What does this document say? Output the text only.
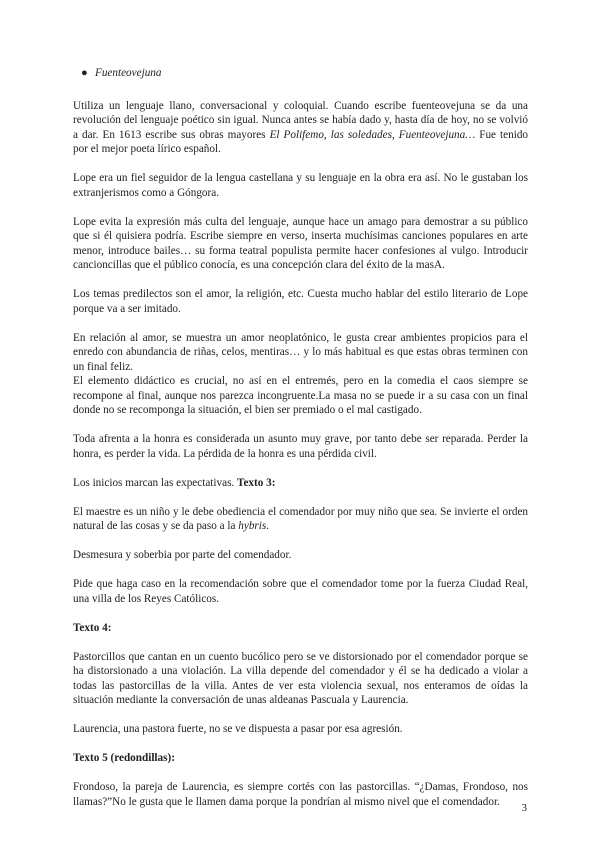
● Fuenteovejuna

Utiliza un lenguaje llano, conversacional y coloquial. Cuando escribe fuenteovejuna se da una revolución del lenguaje poético sin igual. Nunca antes se había dado y, hasta día de hoy, no se volvió a dar. En 1613 escribe sus obras mayores El Polifemo, las soledades, Fuenteovejuna… Fue tenido por el mejor poeta lírico español.

Lope era un fiel seguidor de la lengua castellana y su lenguaje en la obra era así. No le gustaban los extranjerismos como a Góngora.

Lope evita la expresión más culta del lenguaje, aunque hace un amago para demostrar a su público que si él quisiera podría. Escribe siempre en verso, inserta muchísimas canciones populares en arte menor, introduce bailes… su forma teatral populista permite hacer confesiones al vulgo. Introducir cancioncillas que el público conocía, es una concepción clara del éxito de la masA.

Los temas predilectos son el amor, la religión, etc. Cuesta mucho hablar del estilo literario de Lope porque va a ser imitado.

En relación al amor, se muestra un amor neoplatónico, le gusta crear ambientes propicios para el enredo con abundancia de riñas, celos, mentiras… y lo más habitual es que estas obras terminen con un final feliz.

El elemento didáctico es crucial, no así en el entremés, pero en la comedia el caos siempre se recompone al final, aunque nos parezca incongruente.La masa no se puede ir a su casa con un final donde no se recomponga la situación, el bien ser premiado o el mal castigado.

Toda afrenta a la honra es considerada un asunto muy grave, por tanto debe ser reparada. Perder la honra, es perder la vida. La pérdida de la honra es una pérdida civil.

Los inicios marcan las expectativas. Texto 3:

El maestre es un niño y le debe obediencia el comendador por muy niño que sea. Se invierte el orden natural de las cosas y se da paso a la hybris.

Desmesura y soberbia por parte del comendador.

Pide que haga caso en la recomendación sobre que el comendador tome por la fuerza Ciudad Real, una villa de los Reyes Católicos.

Texto 4:

Pastorcillos que cantan en un cuento bucólico pero se ve distorsionado por el comendador porque se ha distorsionado a una violación. La villa depende del comendador y él se ha dedicado a violar a todas las pastorcillas de la villa. Antes de ver esta violencia sexual, nos enteramos de oídas la situación mediante la conversación de unas aldeanas Pascuala y Laurencia.

Laurencia, una pastora fuerte, no se ve dispuesta a pasar por esa agresión.

Texto 5 (redondillas):

Frondoso, la pareja de Laurencia, es siempre cortés con las pastorcillas. “¿Damas, Frondoso, nos llamas?”No le gusta que le llamen dama porque la pondrían al mismo nivel que el comendador.

3
